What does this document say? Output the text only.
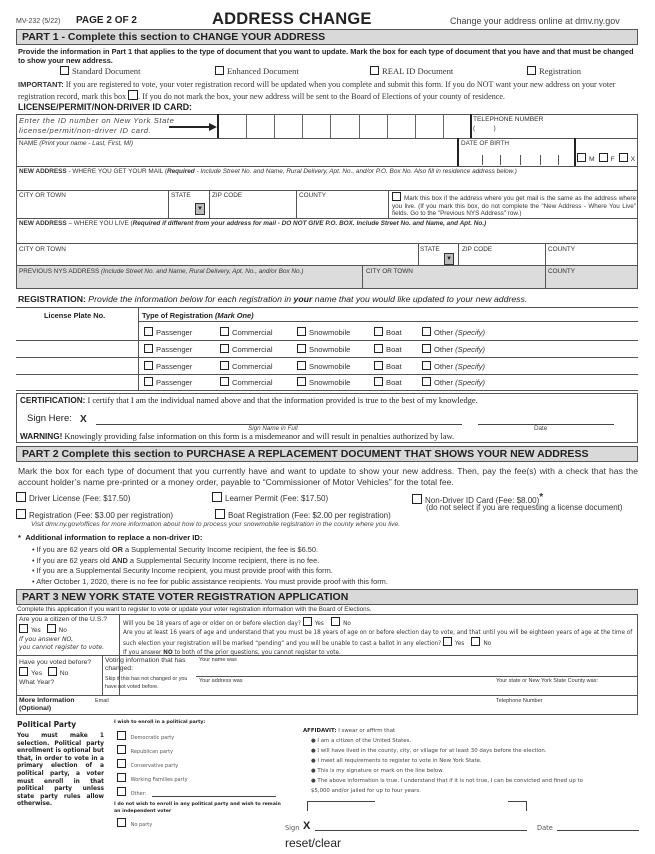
MV-232 (5/22) PAGE 2 OF 2	ADDRESS CHANGE	Change your address online at dmv.ny.gov
PART 1 - Complete this section to CHANGE YOUR ADDRESS
Provide the information in Part 1 that applies to the type of document that you want to update. Mark the box for each type of document that you have and that must be changed to show your new address.
Standard Document	Enhanced Document	REAL ID Document	Registration
IMPORTANT: If you are registered to vote, your voter registration record will be updated when you complete and submit this form. If you do NOT want your new address on your voter registration record, mark this box . If you do not mark the box, your new address will be sent to the Board of Elections of your county of residence.
LICENSE/PERMIT/NON-DRIVER ID CARD:
Enter the ID number on New York State license/permit/non-driver ID card.
TELEPHONE NUMBER
(          )
NAME (Print your name - Last, First, MI)	DATE OF BIRTH
M F X
NEW ADDRESS - WHERE YOU GET YOUR MAIL (Required - Include Street No. and Name, Rural Delivery, Apt. No., and/or P.O. Box No. Also fill in residence address below.)
CITY OR TOWN	STATE
▼
ZIP CODE	COUNTY	Mark this box if the address where you get mail is the same as the address where you live. (If you mark this box, do not complete the "New Address - Where You Live" fields. Go to the "Previous NYS Address" row.)
NEW ADDRESS – WHERE YOU LIVE (Required if different from your address for mail - DO NOT GIVE P.O. BOX. Include Street No. and Name, and Apt. No.)
CITY OR TOWN	STATE
▼
ZIP CODE	COUNTY
PREVIOUS NYS ADDRESS (Include Street No. and Name, Rural Delivery, Apt. No., and/or Box No.)	CITY OR TOWN	COUNTY
REGISTRATION: Provide the information below for each registration in your name that you would like updated to your new address.
License Plate No.	Type of Registration (Mark One)
Passenger	Commercial	Snowmobile	Boat	Other (Specify)
Passenger	Commercial	Snowmobile	Boat	Other (Specify)
Passenger	Commercial	Snowmobile	Boat	Other (Specify)
Passenger	Commercial	Snowmobile	Boat	Other (Specify)
CERTIFICATION: I certify that I am the individual named above and that the information provided is true to the best of my knowledge.
Sign Here: X
Sign Name in Full	Date
WARNING! Knowingly providing false information on this form is a misdemeanor and will result in penalties authorized by law.
PART 2 Complete this section to PURCHASE A REPLACEMENT DOCUMENT THAT SHOWS YOUR NEW ADDRESS
Mark the box for each type of document that you currently have and want to update to show your new address. Then, pay the fee(s) with a check that has the account holder’s name pre-printed or a money order, payable to “Commissioner of Motor Vehicles” for the total fee.
Driver License (Fee: $17.50)	Learner Permit (Fee: $17.50)	Non-Driver ID Card (Fee: $8.00)*
(do not select if you are requesting a license document)
Registration (Fee: $3.00 per registration)	Boat Registration (Fee: $2.00 per registration)
Visit dmv.ny.gov/offices for more information about how to process your snowmobile registration in the county where you live.
* Additional information to replace a non-driver ID:
• If you are 62 years old OR a Supplemental Security Income recipient, the fee is $6.50.
• If you are 62 years old AND a Supplemental Security Income recipient, there is no fee.
• If you are a Supplemental Security Income recipient, you must provide proof with this form.
• After October 1, 2020, there is no fee for public assistance recipients. You must provide proof with this form.
PART 3 NEW YORK STATE VOTER REGISTRATION APPLICATION
Complete this application if you want to register to vote or update your voter registration information with the Board of Elections.
Are you a citizen of the U.S.?
Yes	No
If you answer NO,
you cannot register to vote.
Will you be 18 years of age or older on or before election day? Yes	No
Are you at least 16 years of age and understand that you must be 18 years of age on or before election day to vote, and that until you will be eighteen years of age at the time of such election your registration will be marked “pending” and you will be unable to cast a ballot in any election? Yes	No
If you answer NO to both of the prior questions, you cannot register to vote.
Have you voted before?
Yes	No
What Year?
Voting information that has changed:
Skip if this has not changed or you have not voted before.
Your name was
Your address was	Your state or New York State County was:
More Information (Optional)
Email	Telephone Number
Political Party
You must make 1 selection. Political party enrollment is optional but that, in order to vote in a primary election of a political party, a voter must enroll in that political party unless state party rules allow otherwise.
I wish to enroll in a political party:
Democratic party
Republican party
Conservative party
Working Families party
Other:
I do not wish to enroll in any political party and wish to remain an independent voter
No party
AFFIDAVIT: I swear or affirm that
● I am a citizen of the United States.
● I will have lived in the county, city, or village for at least 30 days before the election.
● I meet all requirements to register to vote in New York State.
● This is my signature or mark on the line below.
● The above information is true. I understand that if it is not true, I can be convicted and fined up to $5,000 and/or jailed for up to four years.
Sign X	Date
reset/clear
